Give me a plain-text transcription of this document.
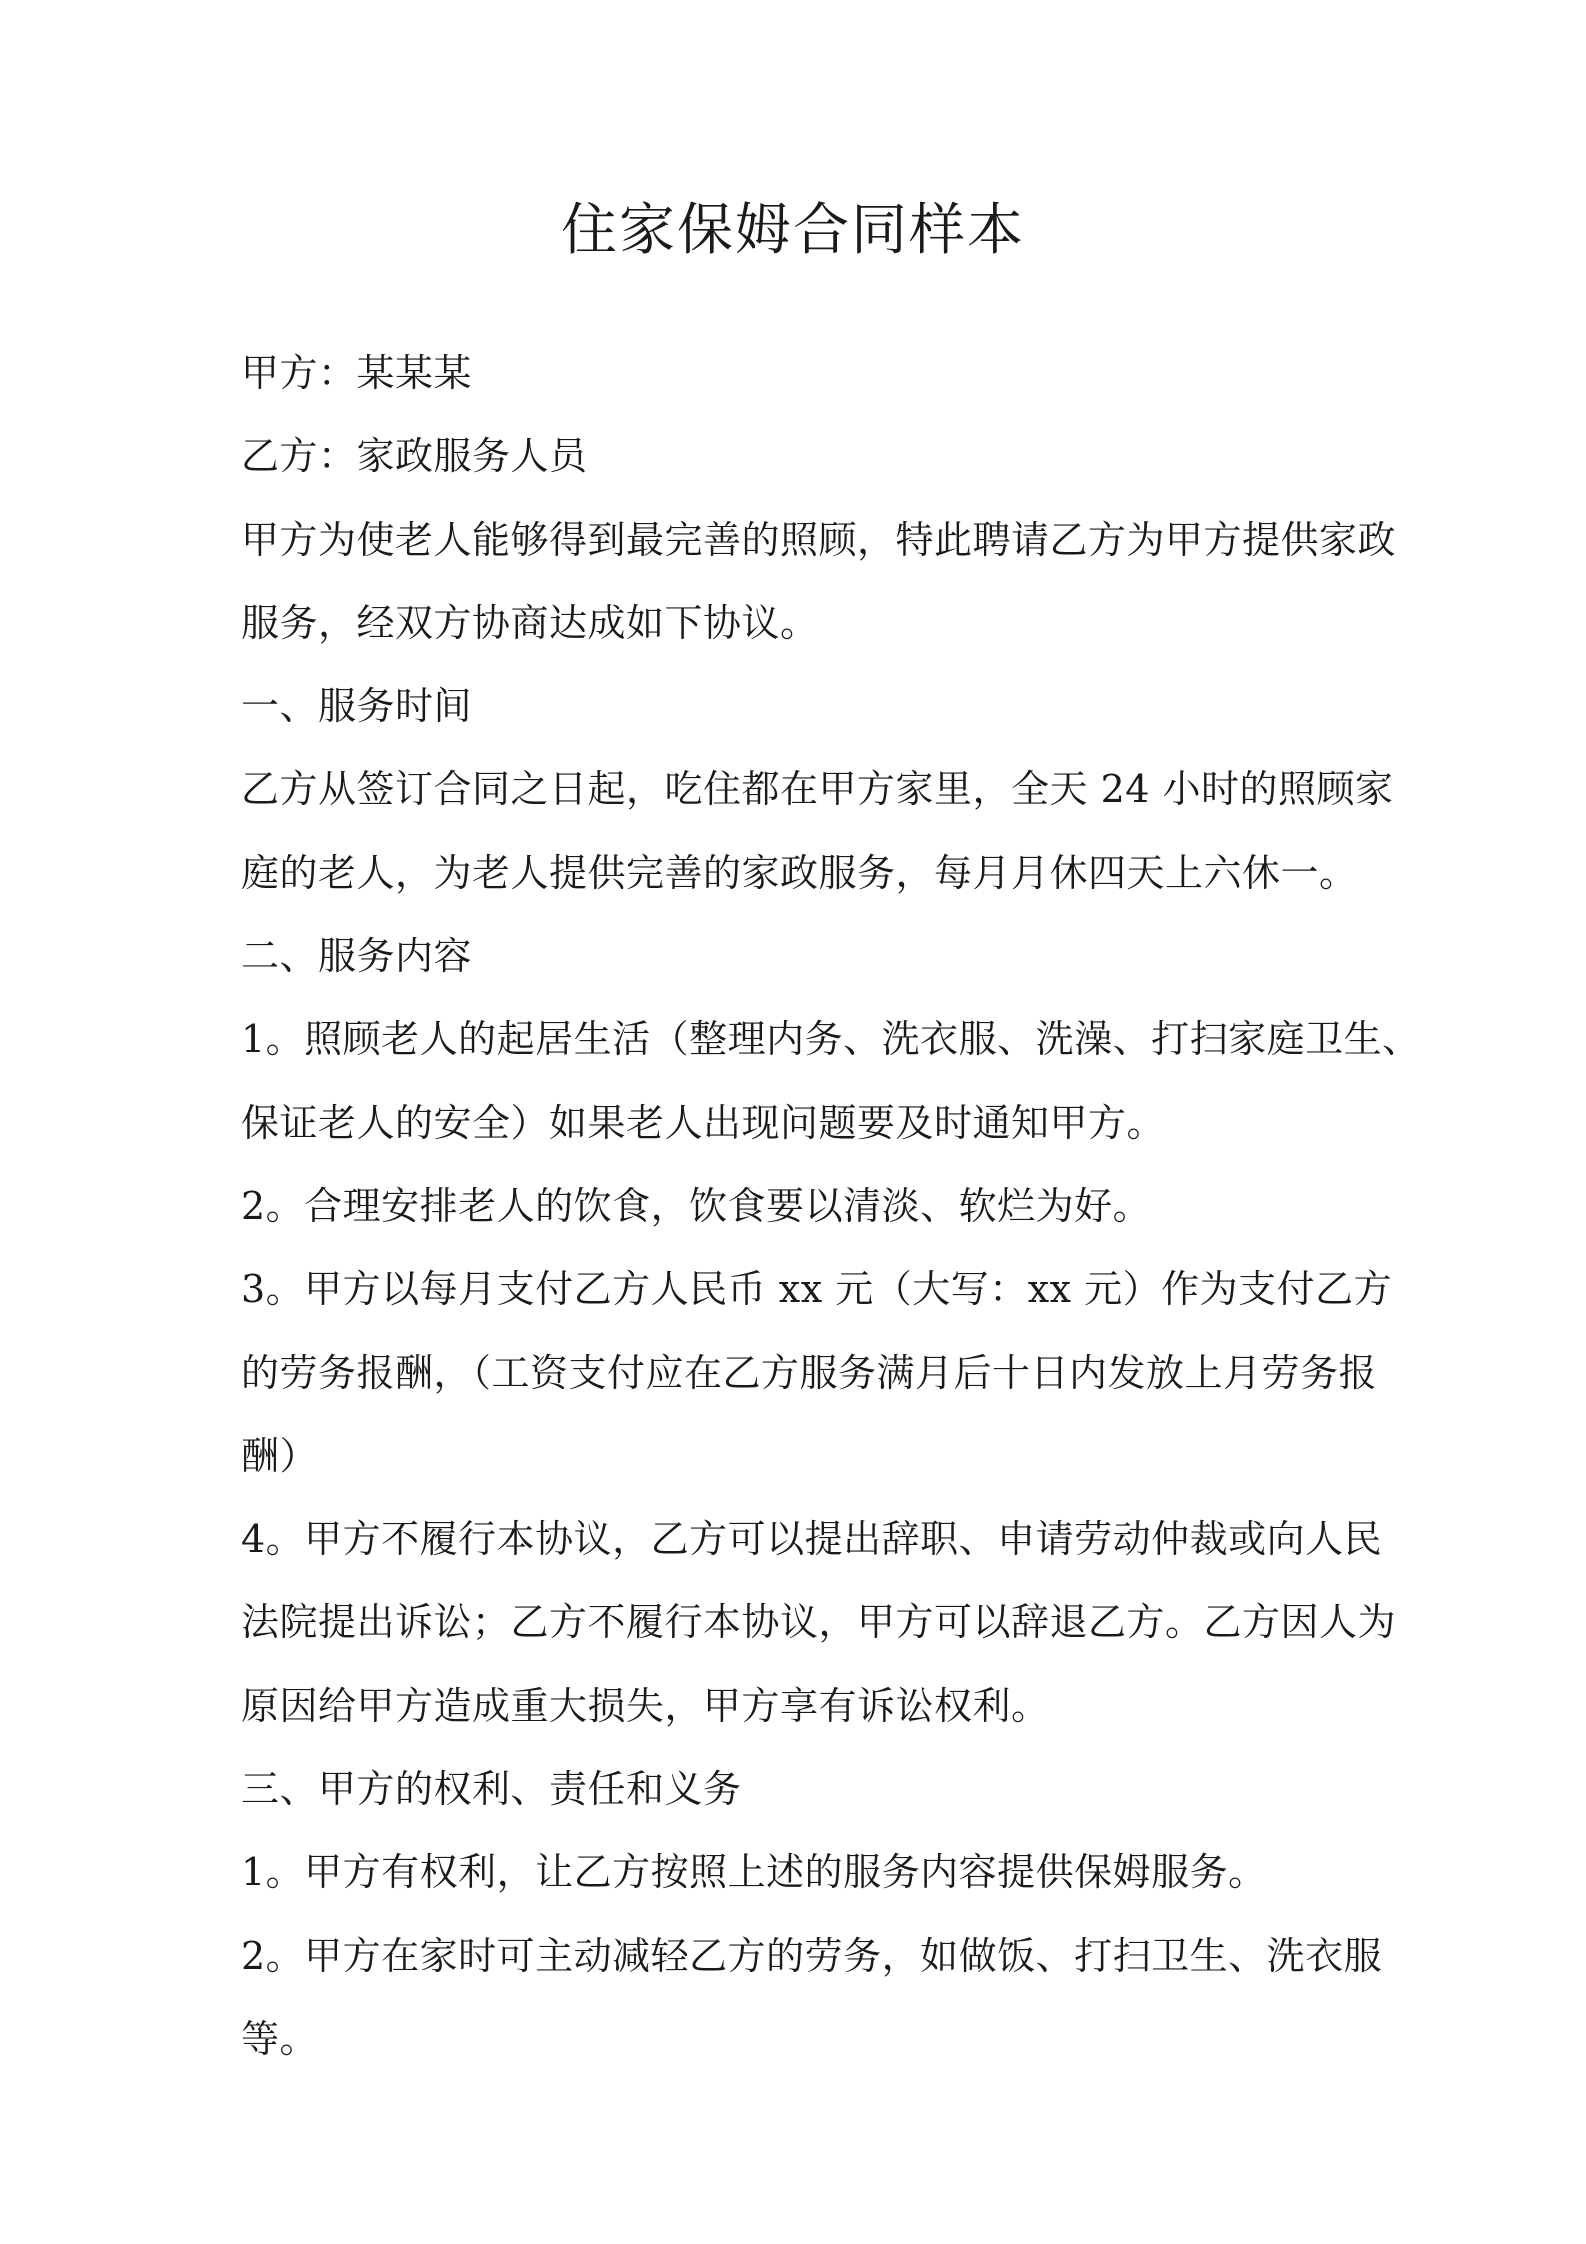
住家保姆合同样本
甲方：某某某
乙方：家政服务人员
甲方为使老人能够得到最完善的照顾，特此聘请乙方为甲方提供家政
服务，经双方协商达成如下协议。
一、服务时间
乙方从签订合同之日起，吃住都在甲方家里，全天 24 小时的照顾家
庭的老人，为老人提供完善的家政服务，每月月休四天上六休一。
二、服务内容
1。照顾老人的起居生活（整理内务、洗衣服、洗澡、打扫家庭卫生、
保证老人的安全）如果老人出现问题要及时通知甲方。
2。合理安排老人的饮食，饮食要以清淡、软烂为好。
3。甲方以每月支付乙方人民币 xx 元（大写：xx 元）作为支付乙方
的劳务报酬，（工资支付应在乙方服务满月后十日内发放上月劳务报
酬）
4。甲方不履行本协议，乙方可以提出辞职、申请劳动仲裁或向人民
法院提出诉讼；乙方不履行本协议，甲方可以辞退乙方。乙方因人为
原因给甲方造成重大损失，甲方享有诉讼权利。
三、甲方的权利、责任和义务
1。甲方有权利，让乙方按照上述的服务内容提供保姆服务。
2。甲方在家时可主动减轻乙方的劳务，如做饭、打扫卫生、洗衣服
等。
